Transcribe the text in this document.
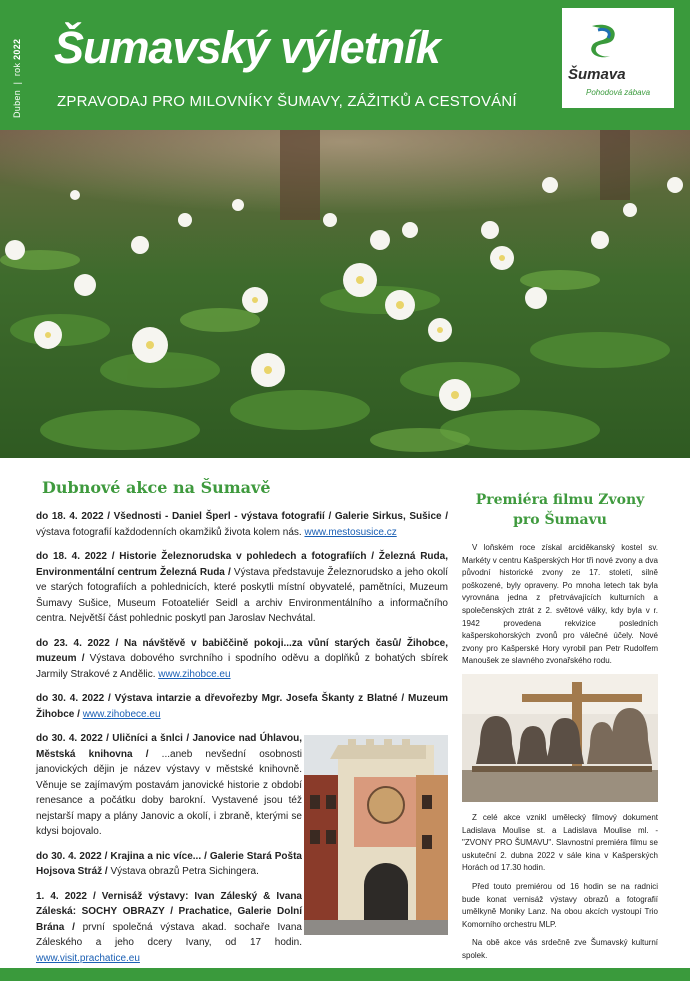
Duben  |  rok 2022 Šumavský výletník
ZPRAVODAJ PRO MILOVNÍKY ŠUMAVY, ZÁŽITKŮ A CESTOVÁNÍ
Šumava
Pohodová zábava
Dubnové akce na Šumavě
do 18. 4. 2022 / Všednosti - Daniel Šperl - výstava fotografií / Galerie Sirkus, Sušice / výstava fotografií každodenních okamžiků života kolem nás. www.mestosusice.cz
do 18. 4. 2022 / Historie Železnorudska v pohledech a fotografiích / Železná Ruda, Environmentální centrum Železná Ruda / Výstava představuje Železnorudsko a jeho okolí ve starých fotografiích a pohlednicích, které poskytli místní obyvatelé, pamětníci, Muzeum Šumavy Sušice, Museum Fotoateliér Seidl a archiv Environmentálního a informačního centra. Největší část pohlednic poskytl pan Jaroslav Nechvátal.
do 23. 4. 2022 / Na návštěvě v babiččině pokoji...za vůní starých časů/ Žihobce, muzeum / Výstava dobového svrchního i spodního oděvu a doplňků z bohatých sbírek Jarmily Strakové z Andělic. www.zihobce.eu
do 30. 4. 2022 / Výstava intarzie a dřevořezby Mgr. Josefa Škanty z Blatné / Muzeum Žihobce / www.zihobece.eu
do 30. 4. 2022 / Uličníci a šnlci / Janovice nad Úhlavou, Městská knihovna / ...aneb nevšední osobnosti janovických dějin je název výstavy v městské knihovně. Věnuje se zajímavým postavám janovické historie z období renesance a počátku doby barokní. Vystavené jsou též nejstarší mapy a plány Janovic a okolí, i zbraně, kterými se kdysi bojovalo.
do 30. 4. 2022 / Krajina a nic více... / Galerie Stará Pošta Hojsova Stráž / Výstava obrazů Petra Sichingera.
1. 4. 2022 / Vernisáž výstavy: Ivan Záleský & Ivana Záleská: SOCHY OBRAZY / Prachatice, Galerie Dolní Brána / první společná výstava akad. sochaře Ivana Záleského a jeho dcery Ivany, od 17 hodin. www.visit.prachatice.eu
Premiéra filmu Zvony
pro Šumavu

V loňském roce získal arciděkanský kostel sv. Markéty v centru Kašperských Hor tři nové zvony a dva původní historické zvony ze 17. století, silně poškozené, byly opraveny. Po mnoha letech tak byla vyrovnána jedna z přetrvávajících kulturních a společenských ztrát z 2. světové války, kdy byla v r. 1942 provedena rekvizice posledních kašperskohorských zvonů pro válečné účely. Nové zvony pro Kašperské Hory vyrobil pan Petr Rudolfem Manoušek ze slavného zvonařského rodu.

Z celé akce vznikl umělecký filmový dokument Ladislava Moulise st. a Ladislava Moulise ml. - "ZVONY PRO ŠUMAVU". Slavnostní premiéra filmu se uskuteční 2. dubna 2022 v sále kina v Kašperských Horách od 17.30 hodin.

Před touto premiérou od 16 hodin se na radnici bude konat vernisáž výstavy obrazů a fotografií umělkyně Moniky Lanz. Na obou akcích vystoupí Trio Komorního orchestru MLP.

Na obě akce vás srdečně zve Šumavský kulturní spolek.
